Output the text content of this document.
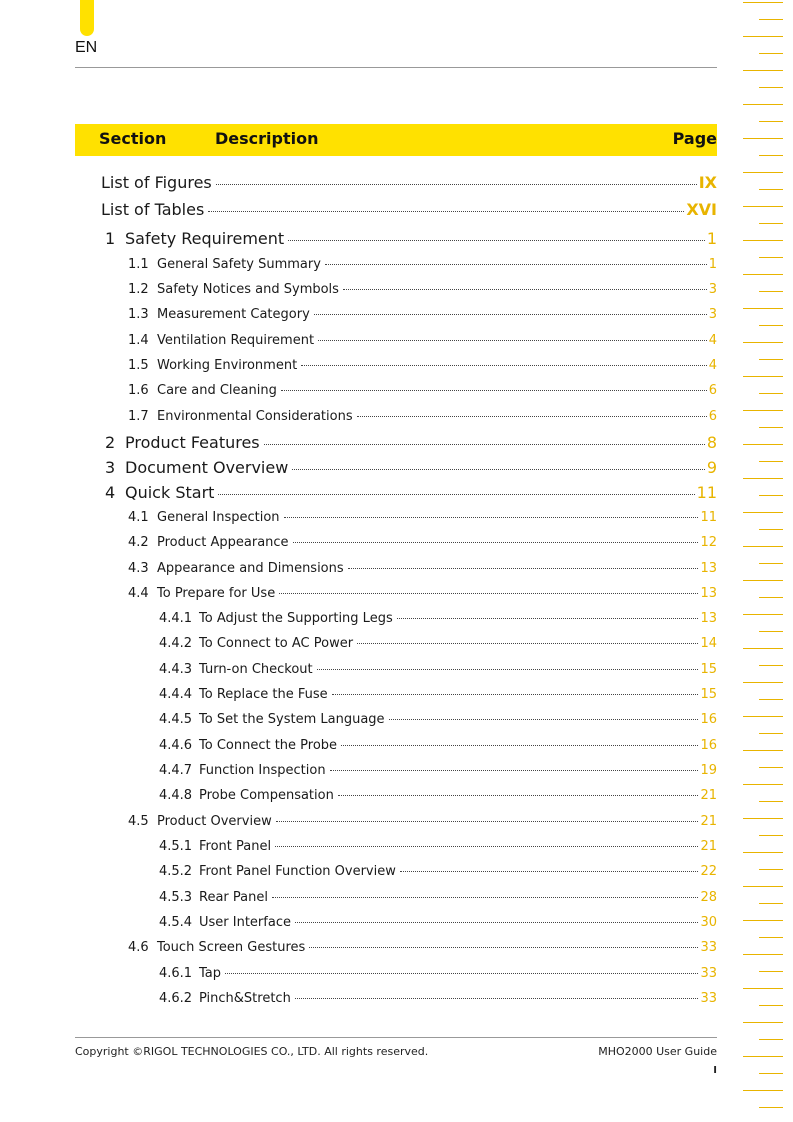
EN
Section	Description	Page
List of Figures	IX
List of Tables	XVI
1 Safety Requirement	1
1.1 General Safety Summary	1
1.2 Safety Notices and Symbols	3
1.3 Measurement Category	3
1.4 Ventilation Requirement	4
1.5 Working Environment	4
1.6 Care and Cleaning	6
1.7 Environmental Considerations	6
2 Product Features	8
3 Document Overview	9
4 Quick Start	11
4.1 General Inspection	11
4.2 Product Appearance	12
4.3 Appearance and Dimensions	13
4.4 To Prepare for Use	13
4.4.1 To Adjust the Supporting Legs	13
4.4.2 To Connect to AC Power	14
4.4.3 Turn-on Checkout	15
4.4.4 To Replace the Fuse	15
4.4.5 To Set the System Language	16
4.4.6 To Connect the Probe	16
4.4.7 Function Inspection	19
4.4.8 Probe Compensation	21
4.5 Product Overview	21
4.5.1 Front Panel	21
4.5.2 Front Panel Function Overview	22
4.5.3 Rear Panel	28
4.5.4 User Interface	30
4.6 Touch Screen Gestures	33
4.6.1 Tap	33
4.6.2 Pinch&Stretch	33
Copyright ©RIGOL TECHNOLOGIES CO., LTD. All rights reserved.	MHO2000 User Guide
I
